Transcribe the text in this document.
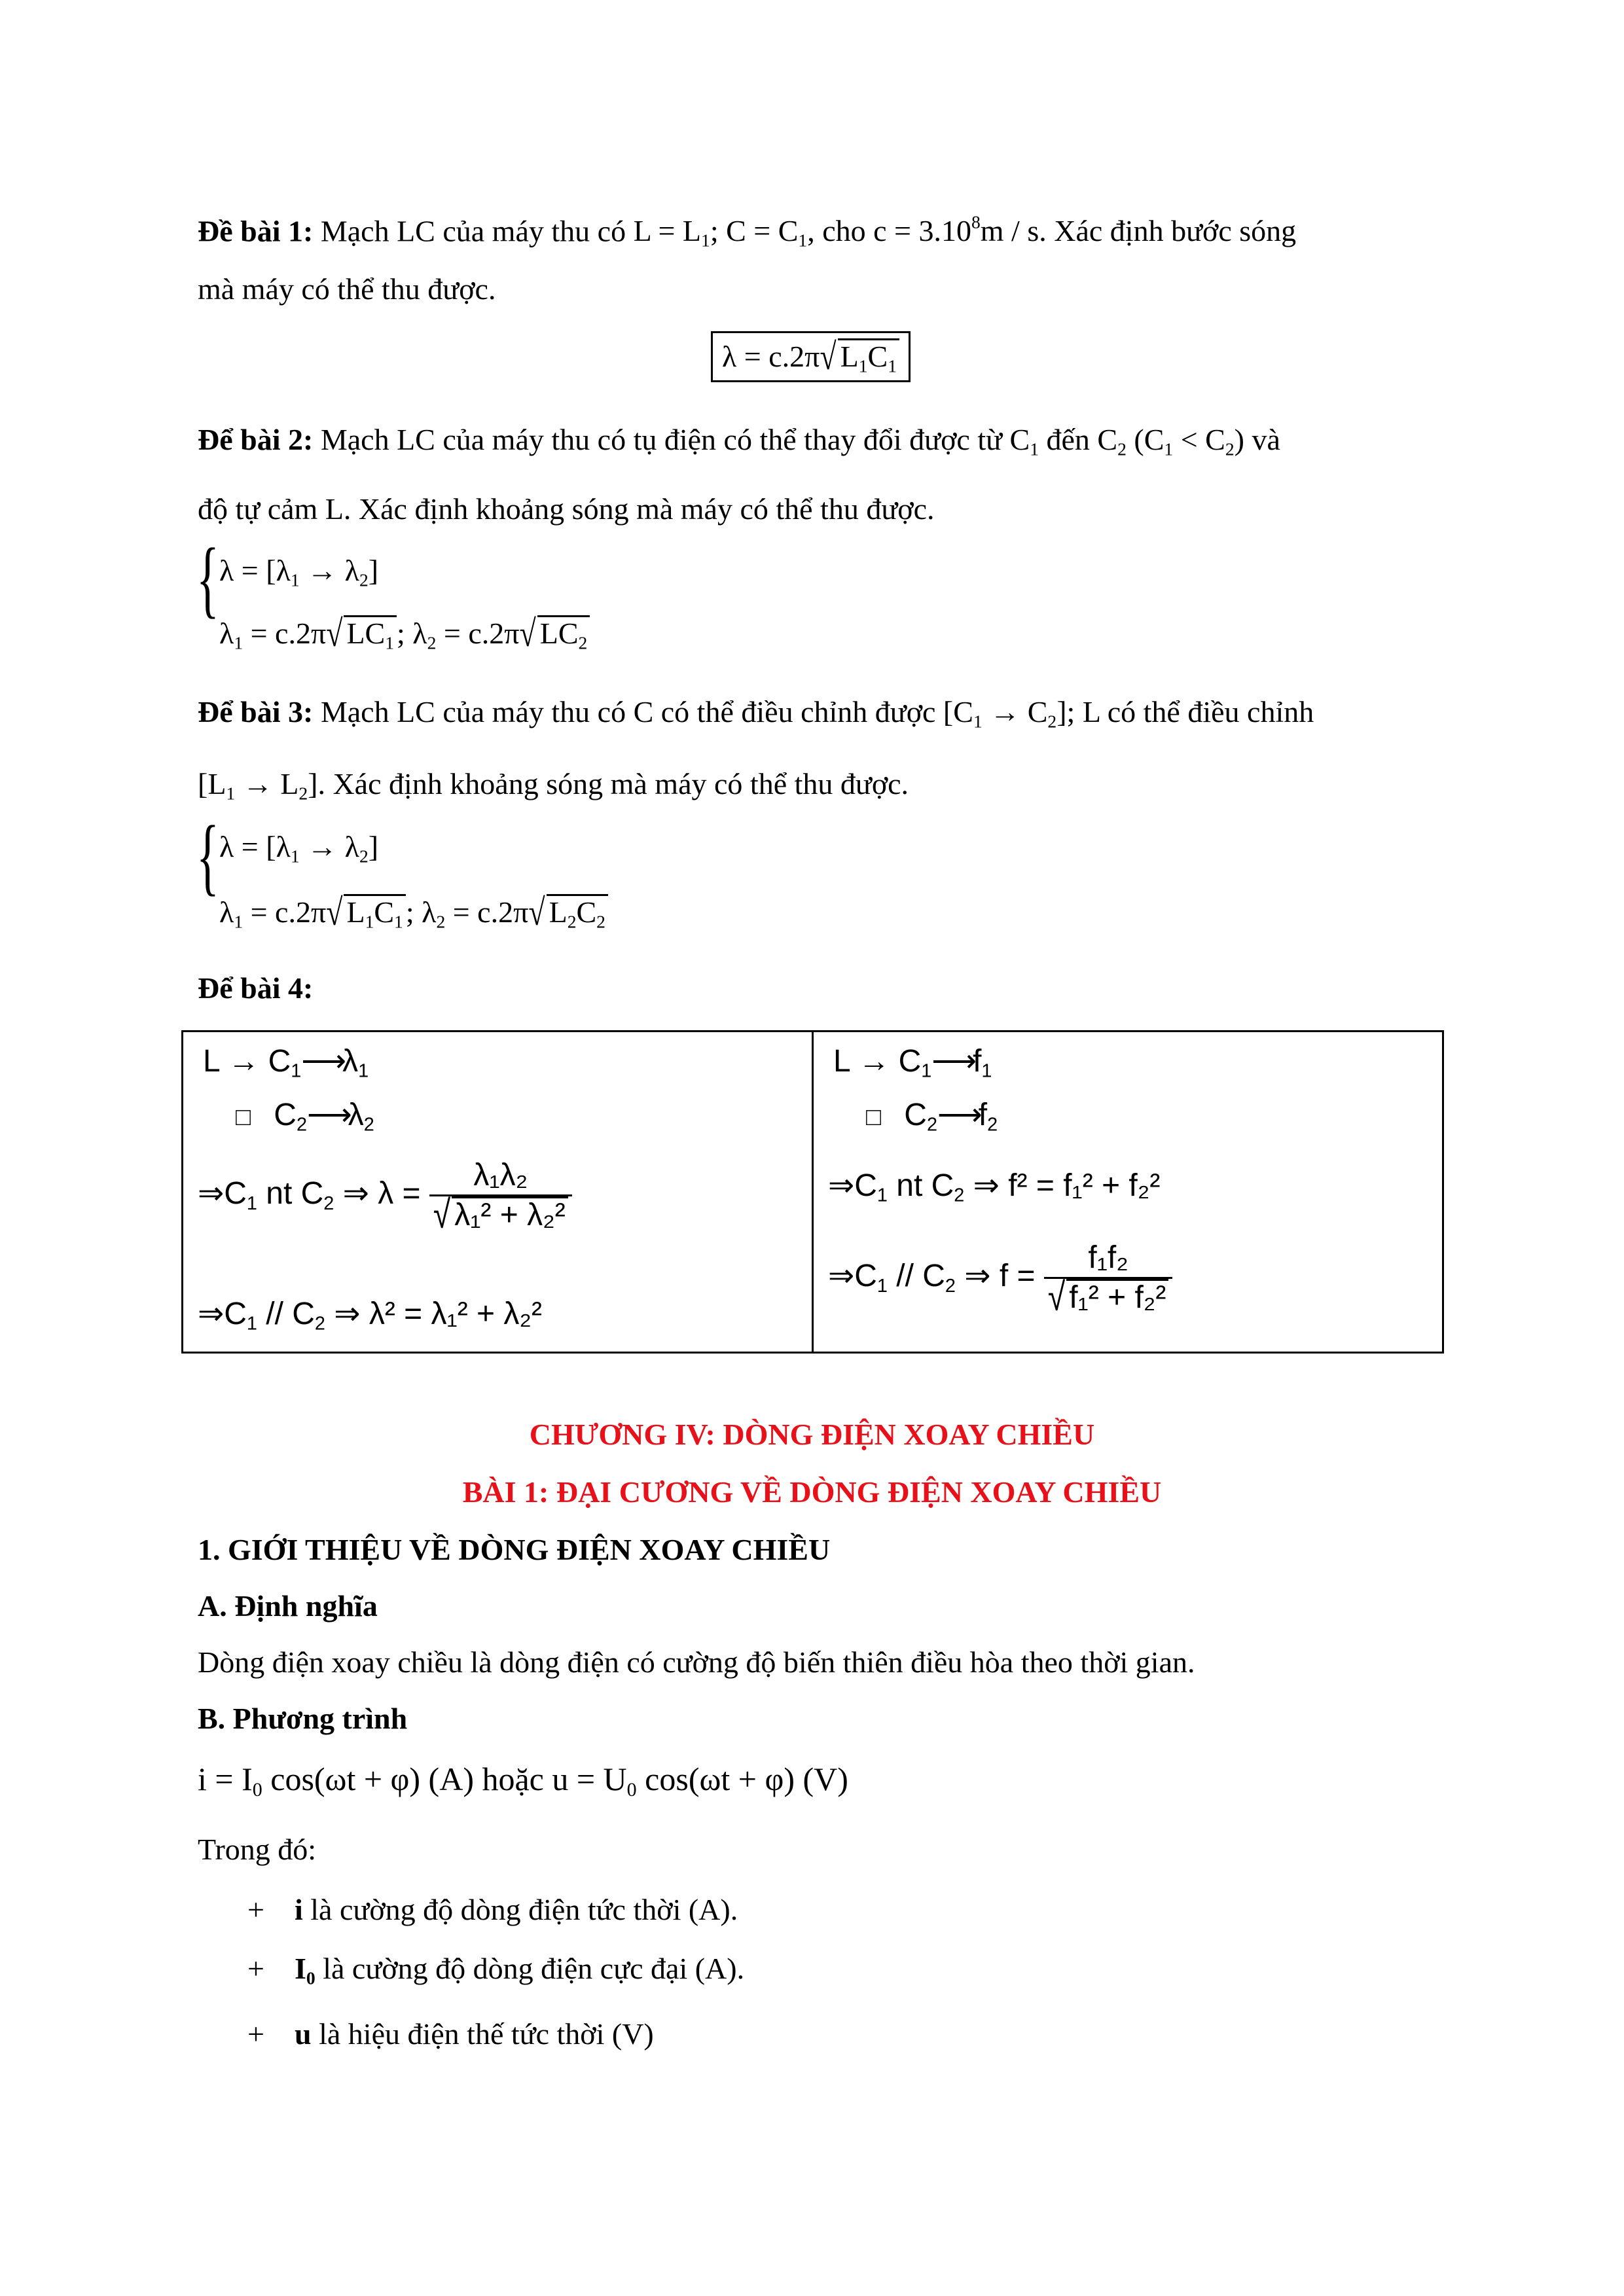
Đề bài 1: Mạch LC của máy thu có $L = L_1$; $C = C_1$, cho $c = 3.10^8m / s$. Xác định bước sóng
mà máy có thể thu được.
λ = c.2π√ $L_1C_1$
Để bài 2: Mạch LC của máy thu có tụ điện có thể thay đổi được từ $C_1$ đến $C_2$ $(C_1 < C_2)$ và
độ tự cảm L. Xác định khoảng sóng mà máy có thể thu được.
{ $\lambda = [\lambda_1 \to \lambda_2]$
$\lambda_1 = c.2\pi√$ $LC_1$; $\lambda_2 = c.2\pi√$ $LC_2$
Để bài 3: Mạch LC của máy thu có C có thể điều chỉnh được $[C_1 \to C_2]$; L có thể điều chỉnh
$[L_1 \to L_2]$. Xác định khoảng sóng mà máy có thể thu được.
{ $\lambda = [\lambda_1 \to \lambda_2]$
$\lambda_1 = c.2\pi√$ $L_1C_1$; $\lambda_2 = c.2\pi√$ $L_2C_2$
Để bài 4:
$L \to C_1⟶\lambda_1$
□ $C_2⟶\lambda_2$
$\Rightarrow C_1$ nt $C_2$ ⇒ $\lambda = \frac{\text{λ₁λ₂}}{\text{√ λ₁² + λ₂²}}$
$\Rightarrow C_1 // C_2$ ⇒ λ² = λ₁² + λ₂²
$L \to C_1⟶f_1$
□ $C_2⟶f_2$
$\Rightarrow C_1$ nt $C_2$ ⇒ f² = f₁² + f₂²
$\Rightarrow C_1 // C_2$ ⇒ $f = \frac{\text{f₁f₂}}{\text{√ f₁² + f₂²}}$
CHƯƠNG IV: DÒNG ĐIỆN XOAY CHIỀU
BÀI 1: ĐẠI CƯƠNG VỀ DÒNG ĐIỆN XOAY CHIỀU
1. GIỚI THIỆU VỀ DÒNG ĐIỆN XOAY CHIỀU
A. Định nghĩa
Dòng điện xoay chiều là dòng điện có cường độ biến thiên điều hòa theo thời gian.
B. Phương trình
$i = I_0$ cos(ωt + φ) (A) hoặc $u = U_0$ cos(ωt + φ) (V)
Trong đó:
+ i là cường độ dòng điện tức thời (A).
+ $I_0$ là cường độ dòng điện cực đại (A).
+ u là hiệu điện thế tức thời (V)
